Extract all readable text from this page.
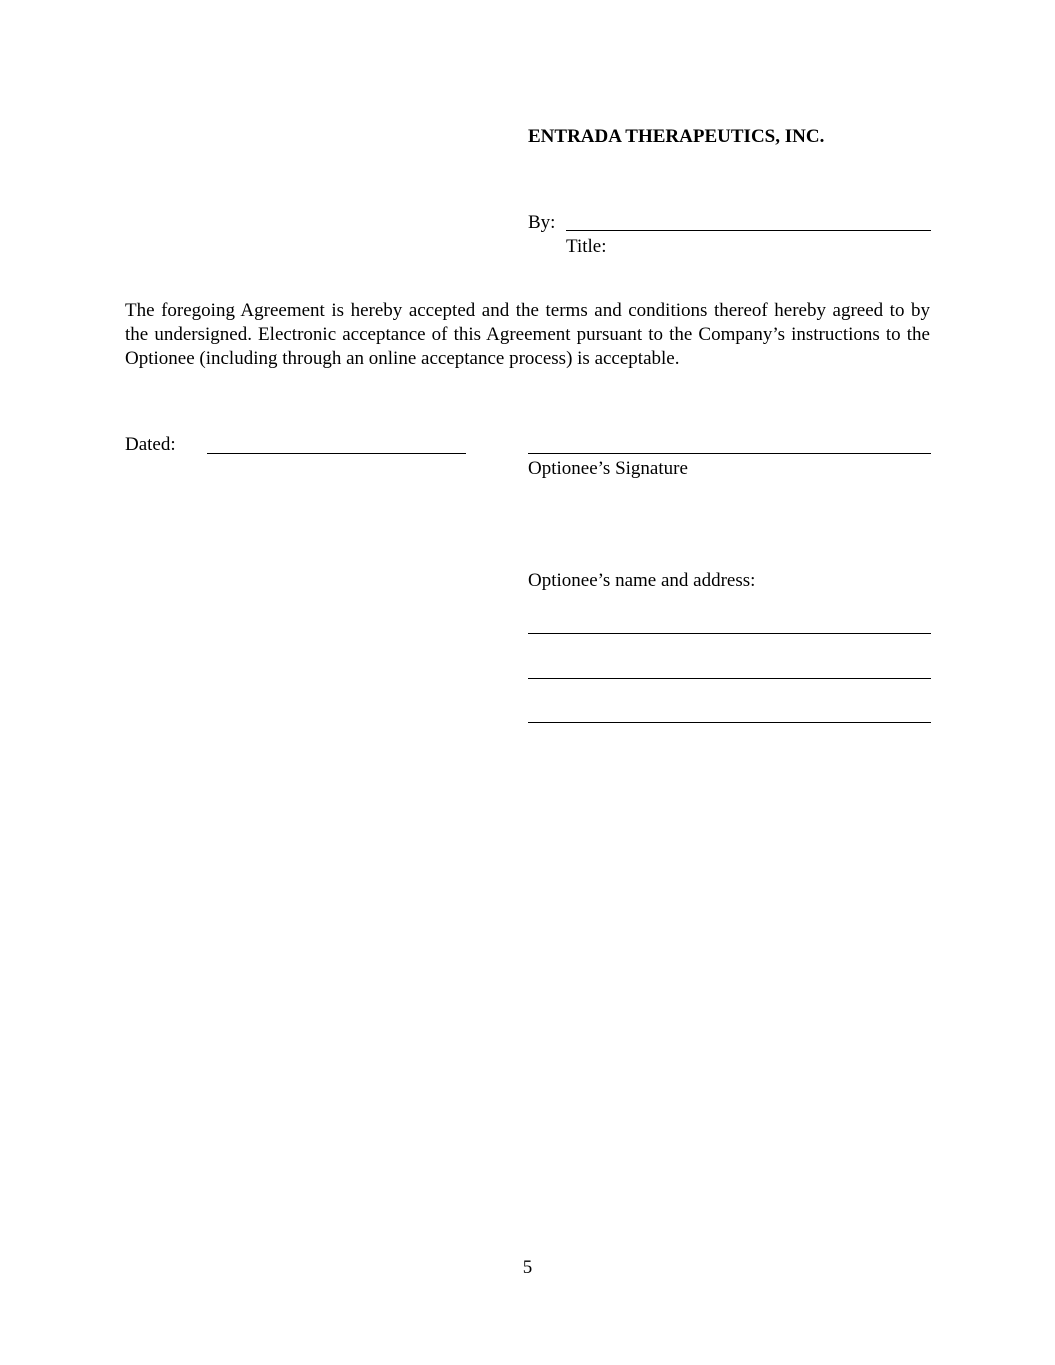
ENTRADA THERAPEUTICS, INC.
By:
Title:
The foregoing Agreement is hereby accepted and the terms and conditions thereof hereby agreed to by the undersigned. Electronic acceptance of this Agreement pursuant to the Company’s instructions to the Optionee (including through an online acceptance process) is acceptable.
Dated:
Optionee’s Signature
Optionee’s name and address:
5
